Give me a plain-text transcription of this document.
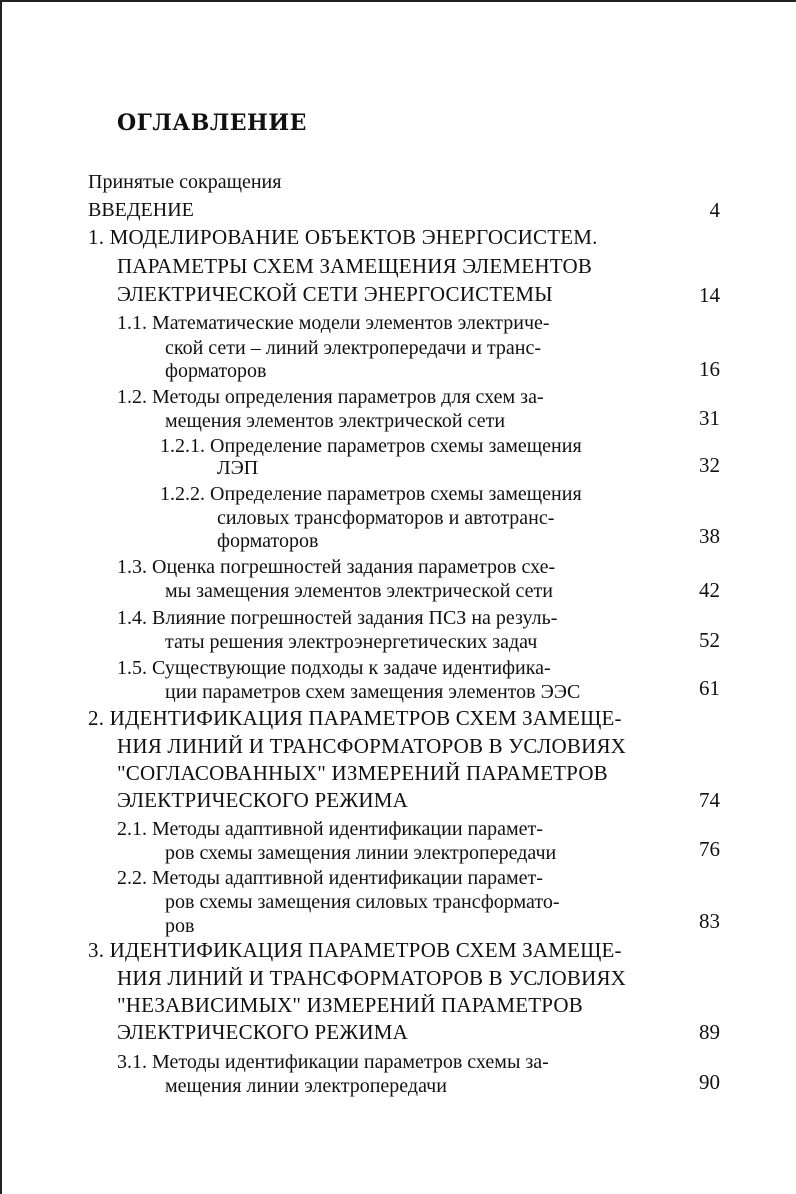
ОГЛАВЛЕНИЕ
Принятые сокращения
ВВЕДЕНИЕ	4
1. МОДЕЛИРОВАНИЕ ОБЪЕКТОВ ЭНЕРГОСИСТЕМ.
ПАРАМЕТРЫ СХЕМ ЗАМЕЩЕНИЯ ЭЛЕМЕНТОВ
ЭЛЕКТРИЧЕСКОЙ СЕТИ ЭНЕРГОСИСТЕМЫ	14
1.1. Математические модели элементов электриче-
ской сети – линий электропередачи и транс-
форматоров	16
1.2. Методы определения параметров для схем за-
мещения элементов электрической сети	31
1.2.1. Определение параметров схемы замещения
ЛЭП	32
1.2.2. Определение параметров схемы замещения
силовых трансформаторов и автотранс-
форматоров	38
1.3. Оценка погрешностей задания параметров схе-
мы замещения элементов электрической сети	42
1.4. Влияние погрешностей задания ПСЗ на резуль-
таты решения электроэнергетических задач	52
1.5. Существующие подходы к задаче идентифика-
ции параметров схем замещения элементов ЭЭС	61
2. ИДЕНТИФИКАЦИЯ ПАРАМЕТРОВ СХЕМ ЗАМЕЩЕ-
НИЯ ЛИНИЙ И ТРАНСФОРМАТОРОВ В УСЛОВИЯХ
"СОГЛАСОВАННЫХ" ИЗМЕРЕНИЙ ПАРАМЕТРОВ
ЭЛЕКТРИЧЕСКОГО РЕЖИМА	74
2.1. Методы адаптивной идентификации парамет-
ров схемы замещения линии электропередачи	76
2.2. Методы адаптивной идентификации парамет-
ров схемы замещения силовых трансформато-
ров	83
3. ИДЕНТИФИКАЦИЯ ПАРАМЕТРОВ СХЕМ ЗАМЕЩЕ-
НИЯ ЛИНИЙ И ТРАНСФОРМАТОРОВ В УСЛОВИЯХ
"НЕЗАВИСИМЫХ" ИЗМЕРЕНИЙ ПАРАМЕТРОВ
ЭЛЕКТРИЧЕСКОГО РЕЖИМА	89
3.1. Методы идентификации параметров схемы за-
мещения линии электропередачи	90
